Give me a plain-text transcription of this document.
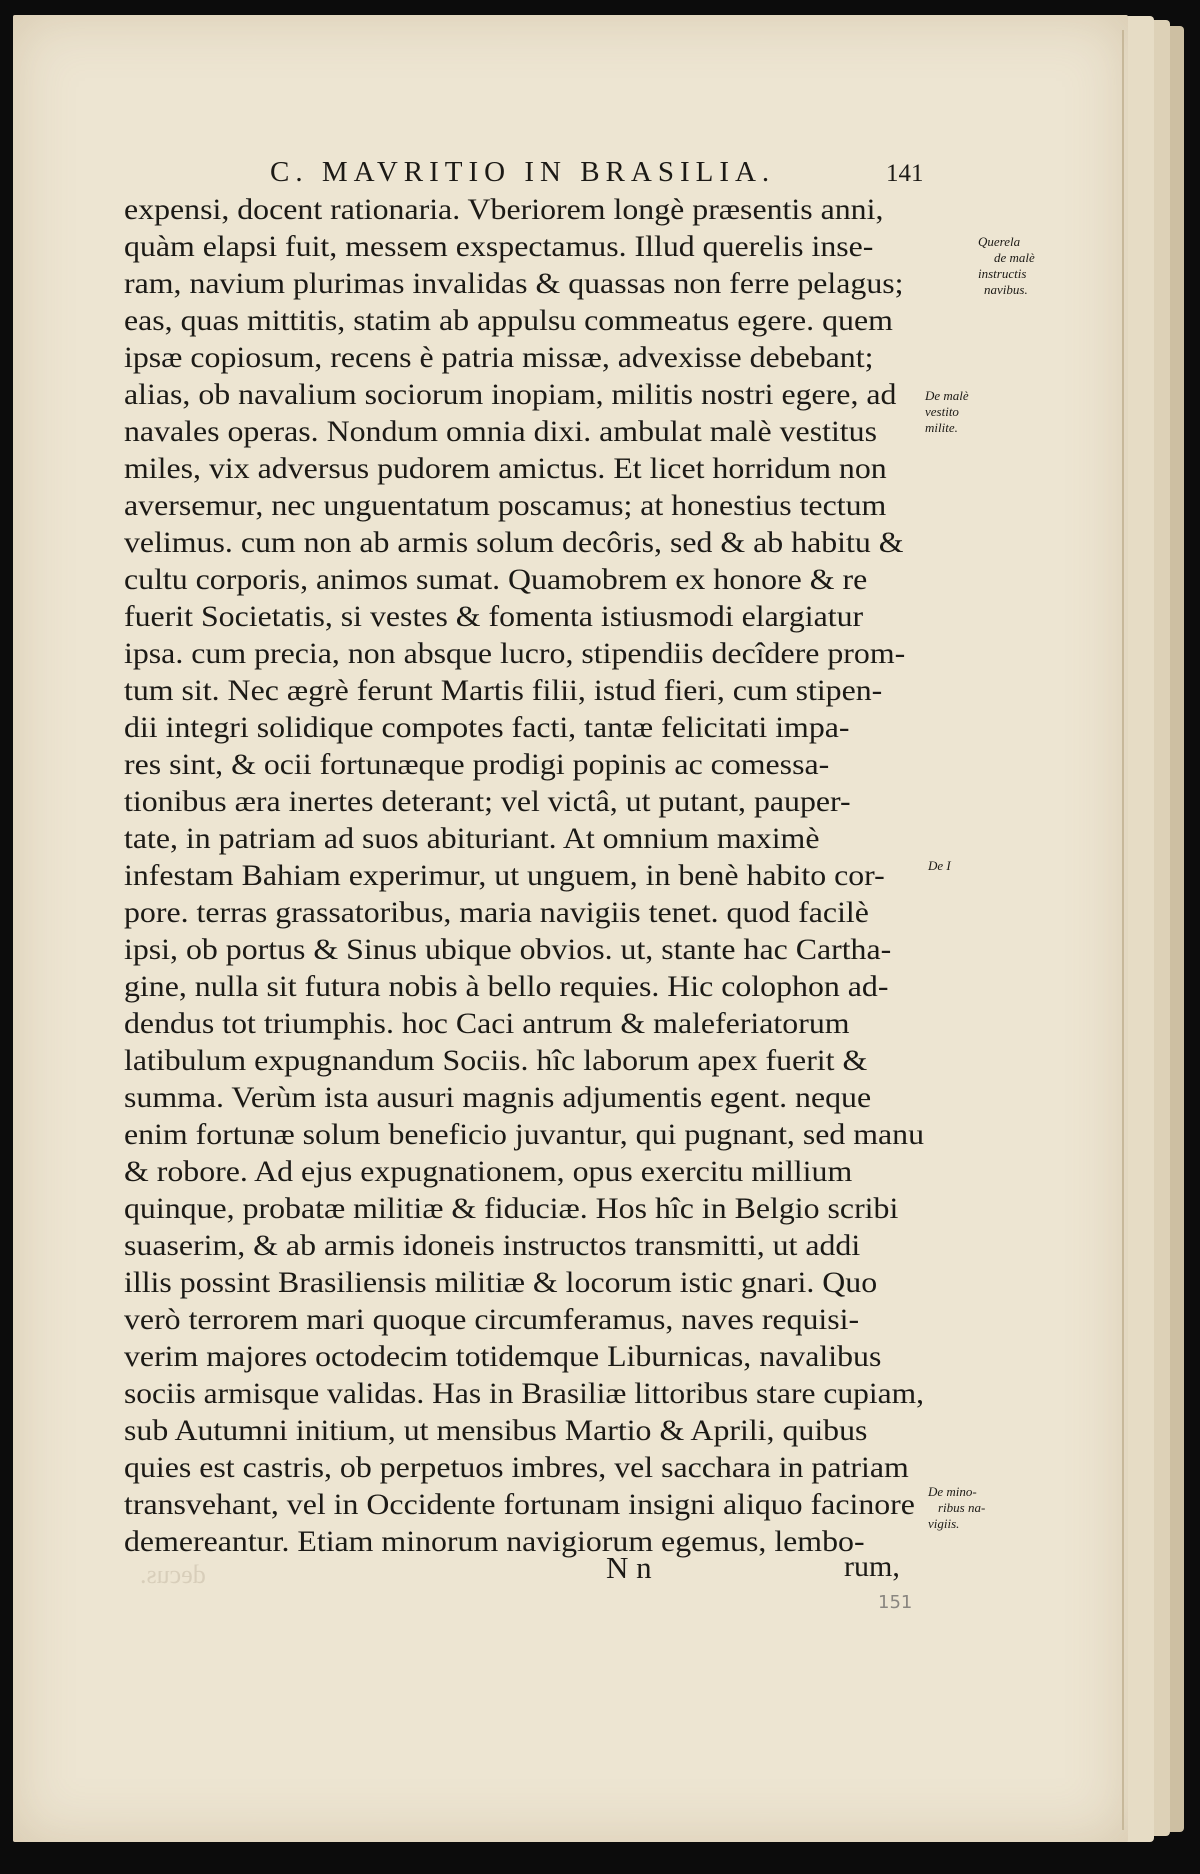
decus.
C. MAVRITIO IN BRASILIA.	141
expensi, docent rationaria. Vberiorem longè præsentis anni,
quàm elapsi fuit, messem exspectamus. Illud querelis inse-
ram, navium plurimas invalidas & quassas non ferre pelagus;
eas, quas mittitis, statim ab appulsu commeatus egere. quem
ipsæ copiosum, recens è patria missæ, advexisse debebant;
alias, ob navalium sociorum inopiam, militis nostri egere, ad
navales operas. Nondum omnia dixi. ambulat malè vestitus
miles, vix adversus pudorem amictus. Et licet horridum non
aversemur, nec unguentatum poscamus; at honestius tectum
velimus. cum non ab armis solum decôris, sed & ab habitu &
cultu corporis, animos sumat. Quamobrem ex honore & re
fuerit Societatis, si vestes & fomenta istiusmodi elargiatur
ipsa. cum precia, non absque lucro, stipendiis decîdere prom-
tum sit. Nec ægrè ferunt Martis filii, istud fieri, cum stipen-
dii integri solidique compotes facti, tantæ felicitati impa-
res sint, & ocii fortunæque prodigi popinis ac comessa-
tionibus æra inertes deterant; vel victâ, ut putant, pauper-
tate, in patriam ad suos abituriant. At omnium maximè
infestam Bahiam experimur, ut unguem, in benè habito cor-
pore. terras grassatoribus, maria navigiis tenet. quod facilè
ipsi, ob portus & Sinus ubique obvios. ut, stante hac Cartha-
gine, nulla sit futura nobis à bello requies. Hic colophon ad-
dendus tot triumphis. hoc Caci antrum & maleferiatorum
latibulum expugnandum Sociis. hîc laborum apex fuerit &
summa. Verùm ista ausuri magnis adjumentis egent. neque
enim fortunæ solum beneficio juvantur, qui pugnant, sed manu
& robore. Ad ejus expugnationem, opus exercitu millium
quinque, probatæ militiæ & fiduciæ. Hos hîc in Belgio scribi
suaserim, & ab armis idoneis instructos transmitti, ut addi
illis possint Brasiliensis militiæ & locorum istic gnari. Quo
verò terrorem mari quoque circumferamus, naves requisi-
verim majores octodecim totidemque Liburnicas, navalibus
sociis armisque validas. Has in Brasiliæ littoribus stare cupiam,
sub Autumni initium, ut mensibus Martio & Aprili, quibus
quies est castris, ob perpetuos imbres, vel sacchara in patriam
transvehant, vel in Occidente fortunam insigni aliquo facinore
demereantur. Etiam minorum navigiorum egemus, lembo-
Querela
de malè
instructis
navibus.
De malè
vestito
milite.
De I
De mino-
ribus na-
vigiis.
N n	rum,
151
